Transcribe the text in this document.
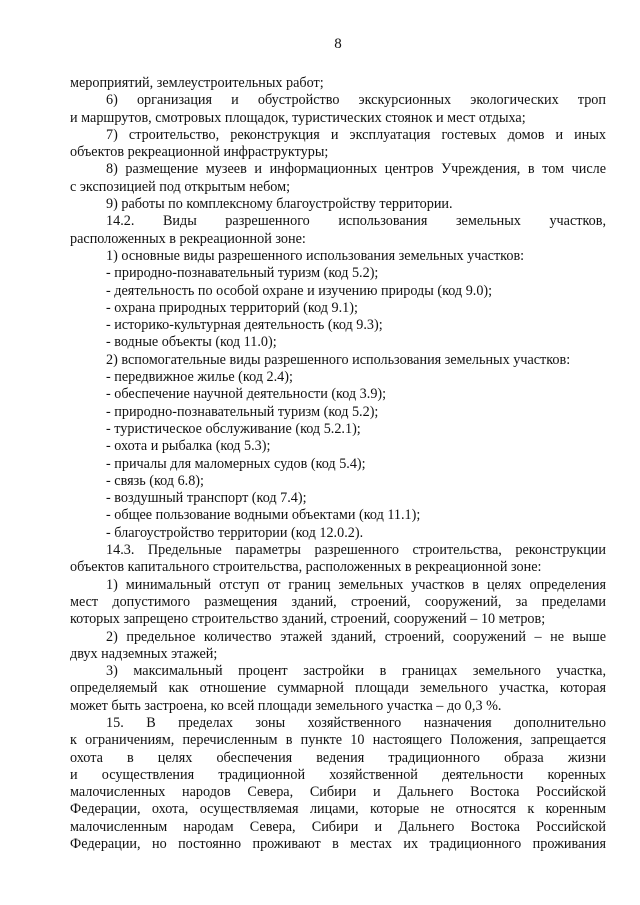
8
мероприятий, землеустроительных работ;
6) организация и обустройство экскурсионных экологических троп
и маршрутов, смотровых площадок, туристических стоянок и мест отдыха;
7) строительство, реконструкция и эксплуатация гостевых домов и иных
объектов рекреационной инфраструктуры;
8) размещение музеев и информационных центров Учреждения, в том числе
с экспозицией под открытым небом;
9) работы по комплексному благоустройству территории.
14.2. Виды разрешенного использования земельных участков,
расположенных в рекреационной зоне:
1) основные виды разрешенного использования земельных участков:
- природно-познавательный туризм (код 5.2);
- деятельность по особой охране и изучению природы (код 9.0);
- охрана природных территорий (код 9.1);
- историко-культурная деятельность (код 9.3);
- водные объекты (код 11.0);
2) вспомогательные виды разрешенного использования земельных участков:
- передвижное жилье (код 2.4);
- обеспечение научной деятельности (код 3.9);
- природно-познавательный туризм (код 5.2);
- туристическое обслуживание (код 5.2.1);
- охота и рыбалка (код 5.3);
- причалы для маломерных судов (код 5.4);
- связь (код 6.8);
- воздушный транспорт (код 7.4);
- общее пользование водными объектами (код 11.1);
- благоустройство территории (код 12.0.2).
14.3. Предельные параметры разрешенного строительства, реконструкции
объектов капитального строительства, расположенных в рекреационной зоне:
1) минимальный отступ от границ земельных участков в целях определения
мест допустимого размещения зданий, строений, сооружений, за пределами
которых запрещено строительство зданий, строений, сооружений – 10 метров;
2) предельное количество этажей зданий, строений, сооружений – не выше
двух надземных этажей;
3) максимальный процент застройки в границах земельного участка,
определяемый как отношение суммарной площади земельного участка, которая
может быть застроена, ко всей площади земельного участка – до 0,3 %.
15. В пределах зоны хозяйственного назначения дополнительно
к ограничениям, перечисленным в пункте 10 настоящего Положения, запрещается
охота в целях обеспечения ведения традиционного образа жизни
и осуществления традиционной хозяйственной деятельности коренных
малочисленных народов Севера, Сибири и Дальнего Востока Российской
Федерации, охота, осуществляемая лицами, которые не относятся к коренным
малочисленным народам Севера, Сибири и Дальнего Востока Российской
Федерации, но постоянно проживают в местах их традиционного проживания
